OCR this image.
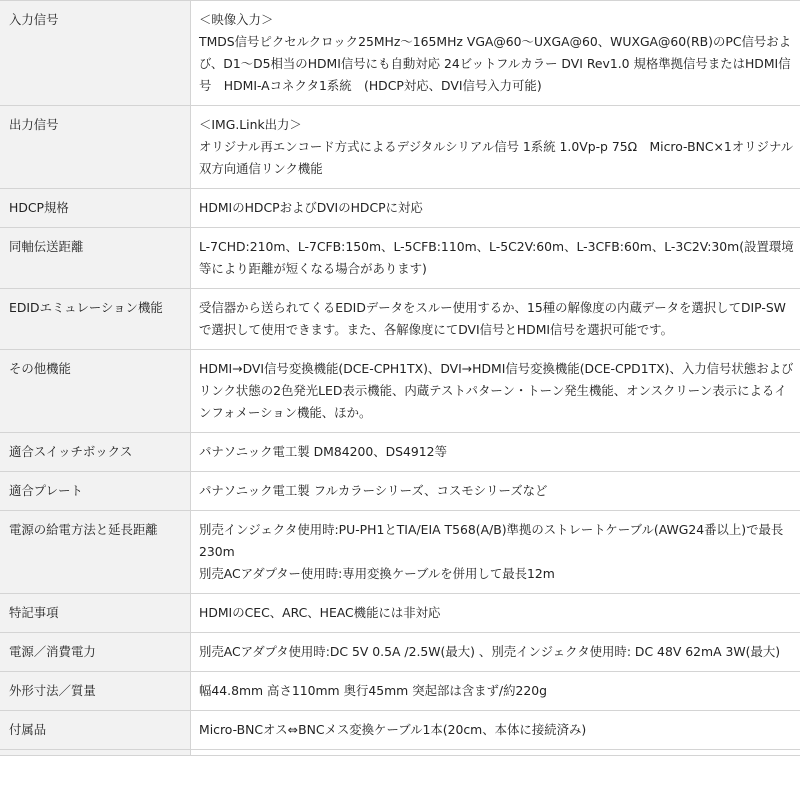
入力信号	＜映像入力＞

TMDS信号ピクセルクロック25MHz～165MHz VGA@60～UXGA@60、WUXGA@60(RB)のPC信号および、D1～D5相当のHDMI信号にも自動対応 24ビットフルカラー DVI Rev1.0 規格準拠信号またはHDMI信号　HDMI-Aコネクタ1系統　(HDCP対応、DVI信号入力可能)

出力信号	＜IMG.Link出力＞

オリジナル再エンコード方式によるデジタルシリアル信号 1系統 1.0Vp-p 75Ω　Micro-BNC×1オリジナル双方向通信リンク機能

HDCP規格	HDMIのHDCPおよびDVIのHDCPに対応

同軸伝送距離	L-7CHD:210m、L-7CFB:150m、L-5CFB:110m、L-5C2V:60m、L-3CFB:60m、L-3C2V:30m(設置環境等により距離が短くなる場合があります)

EDIDエミュレーション機能	受信器から送られてくるEDIDデータをスルー使用するか、15種の解像度の内蔵データを選択してDIP-SWで選択して使用できます。また、各解像度にてDVI信号とHDMI信号を選択可能です。

その他機能	HDMI→DVI信号変換機能(DCE-CPH1TX)、DVI→HDMI信号変換機能(DCE-CPD1TX)、入力信号状態およびリンク状態の2色発光LED表示機能、内蔵テストパターン・トーン発生機能、オンスクリーン表示によるインフォメーション機能、ほか。

適合スイッチボックス	パナソニック電工製 DM84200、DS4912等

適合プレート	パナソニック電工製 フルカラーシリーズ、コスモシリーズなど

電源の給電方法と延長距離	別売インジェクタ使用時:PU-PH1とTIA/EIA T568(A/B)準拠のストレートケーブル(AWG24番以上)で最長230m

別売ACアダプター使用時:専用変換ケーブルを併用して最長12m

特記事項	HDMIのCEC、ARC、HEAC機能には非対応

電源／消費電力	別売ACアダプタ使用時:DC 5V 0.5A /2.5W(最大) 、別売インジェクタ使用時: DC 48V 62mA 3W(最大)

外形寸法／質量	幅44.8mm 高さ110mm 奥行45mm 突起部は含まず/約220g

付属品	Micro-BNCオス⇔BNCメス変換ケーブル1本(20cm、本体に接続済み)
